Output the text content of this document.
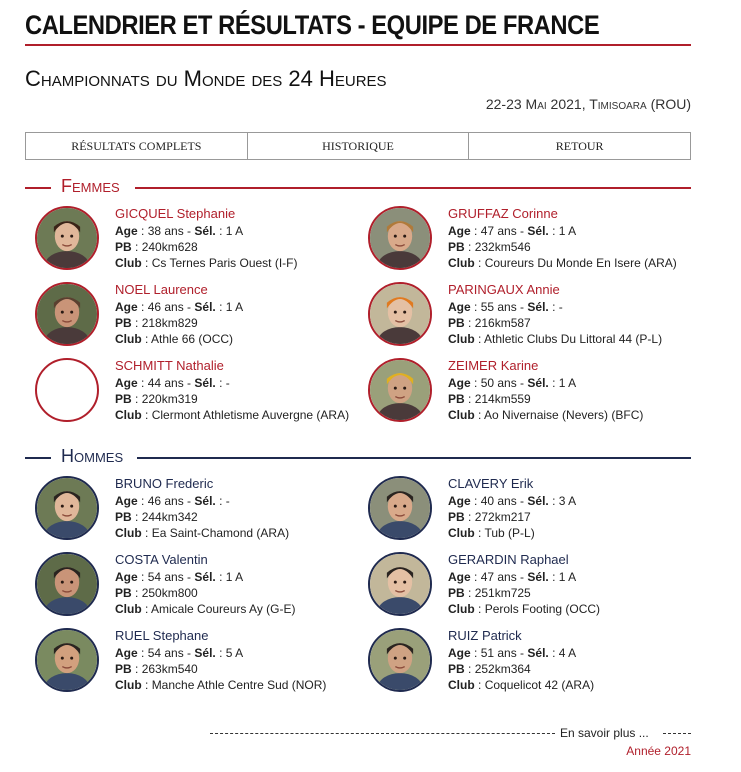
CALENDRIER ET RÉSULTATS - EQUIPE DE FRANCE
Championnats du Monde des 24 Heures
22-23 Mai 2021, Timisoara (ROU)
RÉSULTATS COMPLETS	HISTORIQUE	RETOUR
Femmes
GICQUEL Stephanie
Age : 38 ans - Sél. : 1 A
PB : 240km628
Club : Cs Ternes Paris Ouest (I-F)
GRUFFAZ Corinne
Age : 47 ans - Sél. : 1 A
PB : 232km546
Club : Coureurs Du Monde En Isere (ARA)
NOEL Laurence
Age : 46 ans - Sél. : 1 A
PB : 218km829
Club : Athle 66 (OCC)
PARINGAUX Annie
Age : 55 ans - Sél. : -
PB : 216km587
Club : Athletic Clubs Du Littoral 44 (P-L)
SCHMITT Nathalie
Age : 44 ans - Sél. : -
PB : 220km319
Club : Clermont Athletisme Auvergne (ARA)
ZEIMER Karine
Age : 50 ans - Sél. : 1 A
PB : 214km559
Club : Ao Nivernaise (Nevers) (BFC)
Hommes
BRUNO Frederic
Age : 46 ans - Sél. : -
PB : 244km342
Club : Ea Saint-Chamond (ARA)
CLAVERY Erik
Age : 40 ans - Sél. : 3 A
PB : 272km217
Club : Tub (P-L)
COSTA Valentin
Age : 54 ans - Sél. : 1 A
PB : 250km800
Club : Amicale Coureurs Ay (G-E)
GERARDIN Raphael
Age : 47 ans - Sél. : 1 A
PB : 251km725
Club : Perols Footing (OCC)
RUEL Stephane
Age : 54 ans - Sél. : 5 A
PB : 263km540
Club : Manche Athle Centre Sud (NOR)
RUIZ Patrick
Age : 51 ans - Sél. : 4 A
PB : 252km364
Club : Coquelicot 42 (ARA)
En savoir plus ...
Année 2021
